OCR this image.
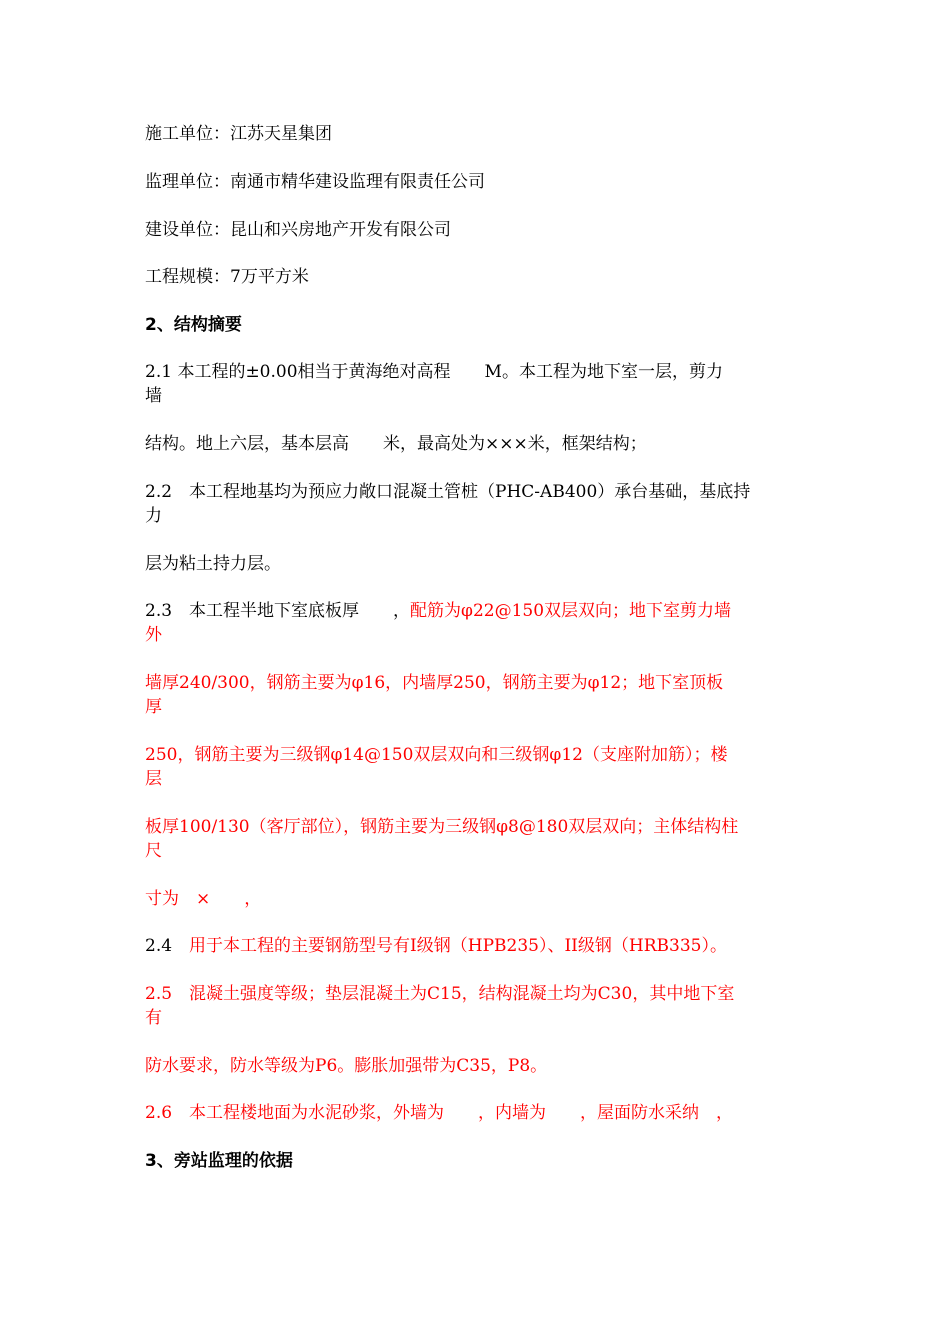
施工单位：江苏天星集团
监理单位：南通市精华建设监理有限责任公司
建设单位：昆山和兴房地产开发有限公司
工程规模：7万平方米
2、结构摘要
2.1 本工程的±0.00相当于黄海绝对高程　　M。本工程为地下室一层，剪力
墙
结构。地上六层，基本层高　　米，最高处为×××米，框架结构；
2.2　本工程地基均为预应力敞口混凝土管桩（PHC-AB400）承台基础，基底持
力
层为粘土持力层。
2.3　本工程半地下室底板厚　　，配筋为φ22@150双层双向；地下室剪力墙
外
墙厚240/300，钢筋主要为φ16，内墙厚250，钢筋主要为φ12；地下室顶板
厚
250，钢筋主要为三级钢φ14@150双层双向和三级钢φ12（支座附加筋）；楼
层
板厚100/130（客厅部位），钢筋主要为三级钢φ8@180双层双向；主体结构柱
尺
寸为　×　　，
2.4　用于本工程的主要钢筋型号有I级钢（HPB235）、II级钢（HRB335）。
2.5　混凝土强度等级；垫层混凝土为C15，结构混凝土均为C30，其中地下室
有
防水要求，防水等级为P6。膨胀加强带为C35，P8。
2.6　本工程楼地面为水泥砂浆，外墙为　　，内墙为　　，屋面防水采纳　，
3、旁站监理的依据
